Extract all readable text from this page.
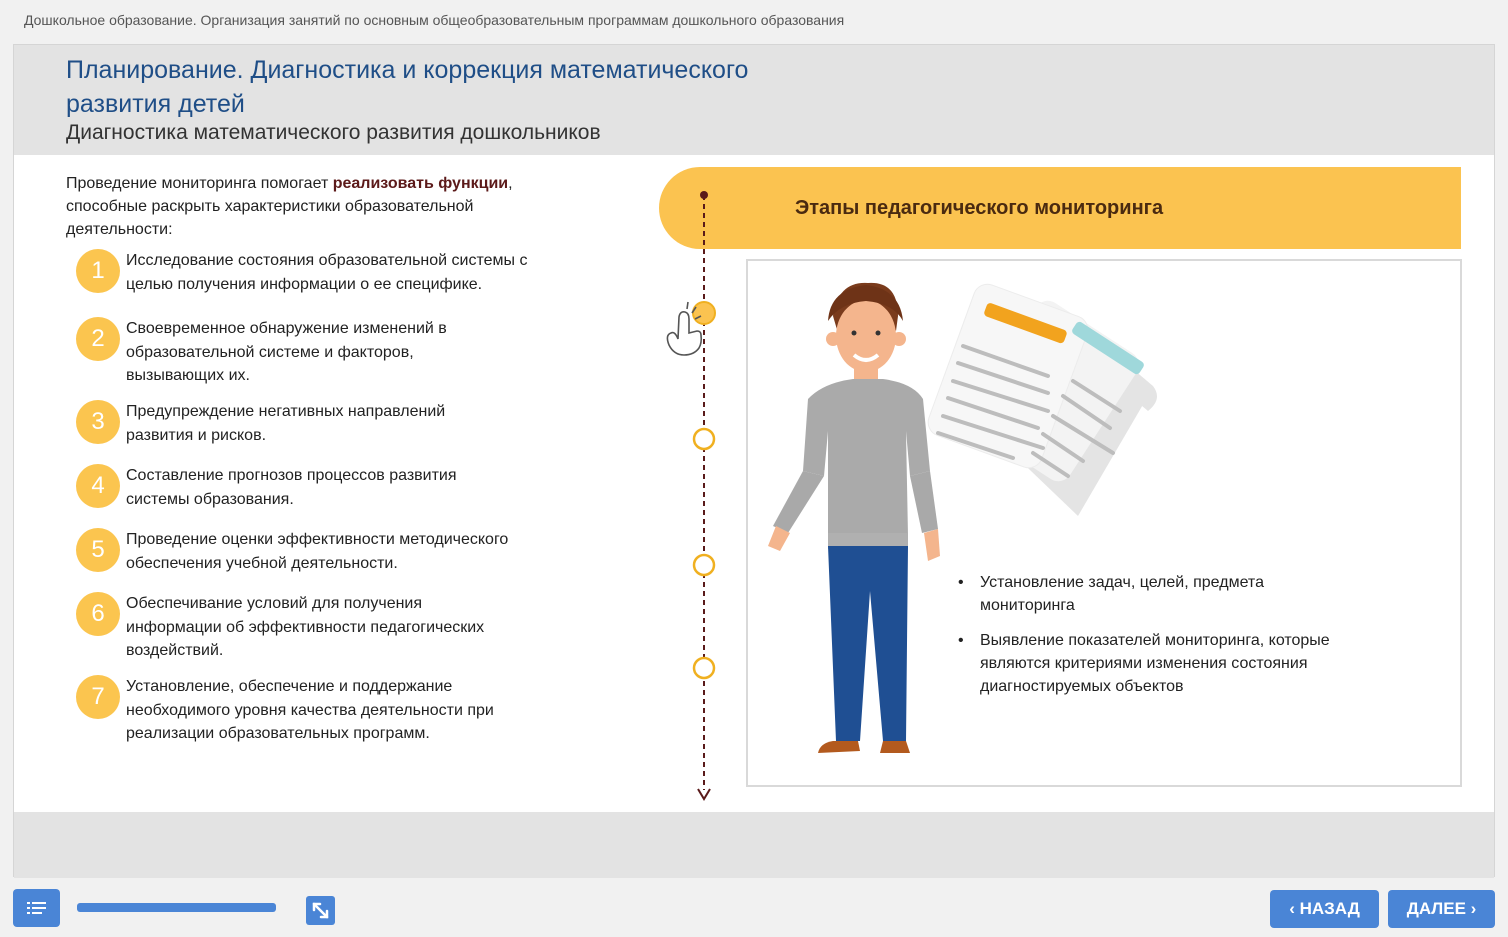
Дошкольное образование. Организация занятий по основным общеобразовательным программам дошкольного образования
Планирование. Диагностика и коррекция математического развития детей
Диагностика математического развития дошкольников
Проведение мониторинга помогает реализовать функции, способные раскрыть характеристики образовательной деятельности:
1	Исследование состояния образовательной системы с целью получения информации о ее специфике.
2	Своевременное обнаружение изменений в образовательной системе и факторов, вызывающих их.
3	Предупреждение негативных направлений развития и рисков.
4	Составление прогнозов процессов развития системы образования.
5	Проведение оценки эффективности методического обеспечения учебной деятельности.
6	Обеспечивание условий для получения информации об эффективности педагогических воздействий.
7	Установление, обеспечение и поддержание необходимого уровня качества деятельности при реализации образовательных программ.
Этапы педагогического мониторинга
• Установление задач, целей, предмета мониторинга
• Выявление показателей мониторинга, которые являются критериями изменения состояния диагностируемых объектов
‹ НАЗАД	ДАЛЕЕ ›
